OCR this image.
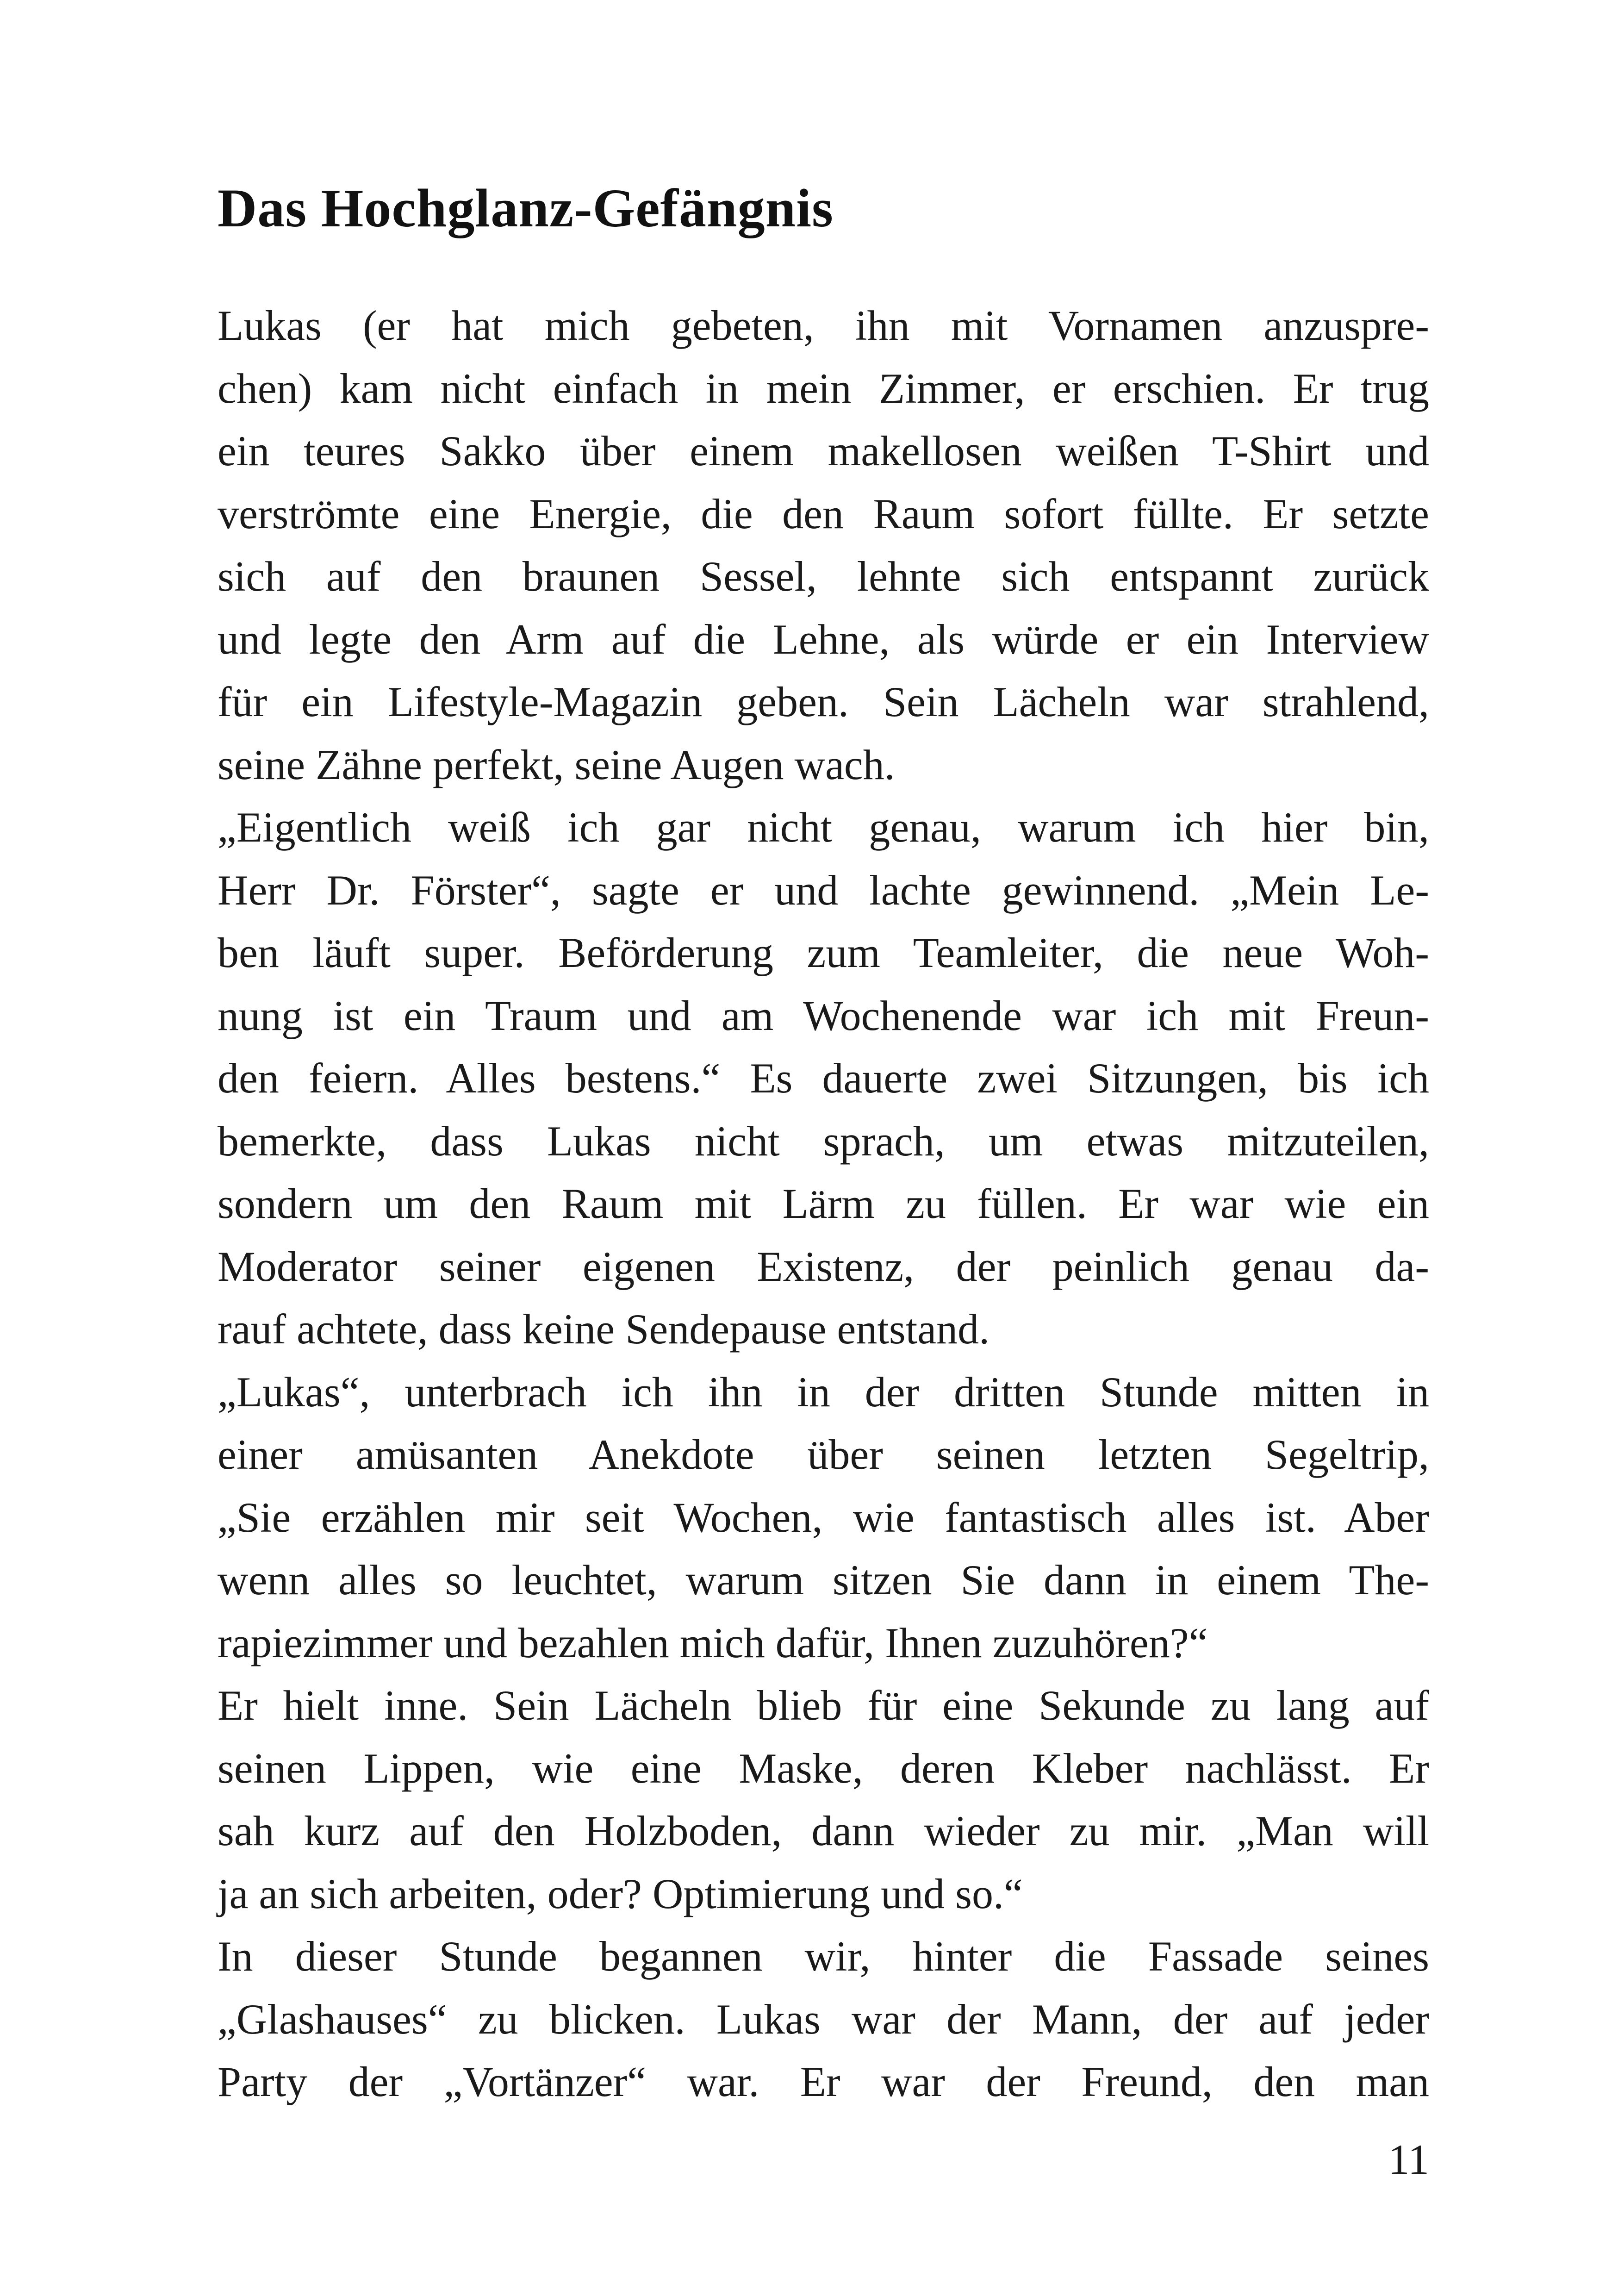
Das Hochglanz-Gefängnis
Lukas (er hat mich gebeten, ihn mit Vornamen anzuspre-
chen) kam nicht einfach in mein Zimmer, er erschien. Er trug
ein teures Sakko über einem makellosen weißen T-Shirt und
verströmte eine Energie, die den Raum sofort füllte. Er setzte
sich auf den braunen Sessel, lehnte sich entspannt zurück
und legte den Arm auf die Lehne, als würde er ein Interview
für ein Lifestyle-Magazin geben. Sein Lächeln war strahlend,
seine Zähne perfekt, seine Augen wach.
„Eigentlich weiß ich gar nicht genau, warum ich hier bin,
Herr Dr. Förster“, sagte er und lachte gewinnend. „Mein Le-
ben läuft super. Beförderung zum Teamleiter, die neue Woh-
nung ist ein Traum und am Wochenende war ich mit Freun-
den feiern. Alles bestens.“ Es dauerte zwei Sitzungen, bis ich
bemerkte, dass Lukas nicht sprach, um etwas mitzuteilen,
sondern um den Raum mit Lärm zu füllen. Er war wie ein
Moderator seiner eigenen Existenz, der peinlich genau da-
rauf achtete, dass keine Sendepause entstand.
„Lukas“, unterbrach ich ihn in der dritten Stunde mitten in
einer amüsanten Anekdote über seinen letzten Segeltrip,
„Sie erzählen mir seit Wochen, wie fantastisch alles ist. Aber
wenn alles so leuchtet, warum sitzen Sie dann in einem The-
rapiezimmer und bezahlen mich dafür, Ihnen zuzuhören?“
Er hielt inne. Sein Lächeln blieb für eine Sekunde zu lang auf
seinen Lippen, wie eine Maske, deren Kleber nachlässt. Er
sah kurz auf den Holzboden, dann wieder zu mir. „Man will
ja an sich arbeiten, oder? Optimierung und so.“
In dieser Stunde begannen wir, hinter die Fassade seines
„Glashauses“ zu blicken. Lukas war der Mann, der auf jeder
Party der „Vortänzer“ war. Er war der Freund, den man
11
